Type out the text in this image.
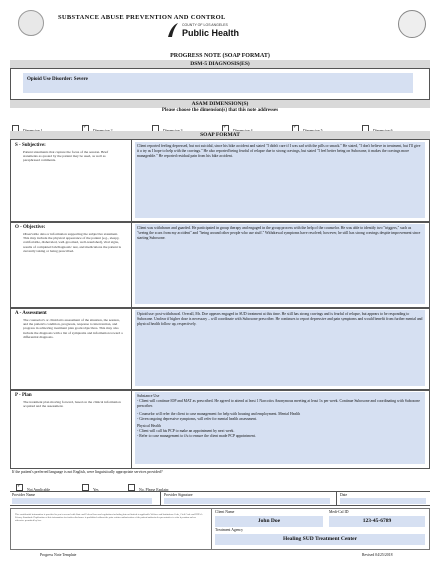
SUBSTANCE ABUSE PREVENTION AND CONTROL
COUNTY OF LOS ANGELES
Public Health
PROGRESS NOTE (SOAP FORMAT)
DSM-5 DIAGNOSIS(ES)
Opioid Use Disorder: Severe
ASAM DIMENSION(S)
Please choose the dimension(s) that this note addresses
✓
✓
✓
SOAP FORMAT
S - Subjective:
Patient statements that capture the focus of the session. Brief statements as quoted by the patient may be used, as well as paraphrased comments.
Client reported feeling depressed, but not suicidal, since his bike accident and stated "I didn't care if I was sad with the pills or smack." He stated, "I don't believe in treatment, but I'll give it a try as I hope to help with the cravings." He also reported being fearful of relapse due to strong cravings, but stated "I feel better being on Suboxone, it makes the cravings more manageable." He reported residual pain from his bike accident.
O - Objective:
Observable data or information supporting the subjective statement. This may include the physical appearance of the patient (e.g., sleepy, comfortable, disheveled, well-groomed, well-nourished), vital signs, results of completed lab/diagnostic test, and medications the patient is currently taking or being prescribed.
Client was withdrawn and guarded. He participated in group therapy and engaged in the group process with the help of the counselor. He was able to identify two "triggers," such as "seeing the scars from my accident" and "being around other people who use stuff." Withdrawal symptoms have resolved; however, he still has strong cravings despite improvement since starting Suboxone.
A - Assessment
The counselor's or clinician's assessment of the situation, the session, and the patient's condition, prognosis, response to intervention, and progress in achieving treatment plan goals/objectives. This may also include the diagnosis with a list of symptoms and information toward a differential diagnosis.
Opioid use: post-withdrawal. Overall, Mr. Doe appears engaged in SUD treatment at this time. He still has strong cravings and is fearful of relapse, but appears to be responding to Suboxone. Unclear if higher dose is necessary – will coordinate with Suboxone prescriber. He continues to report depressive and pain symptoms and would benefit from further mental and physical health follow up, respectively.
P - Plan
The treatment plan moving forward, based on the clinical information acquired and the assessment.
Substance Use
- Client will continue IOP and MAT as prescribed. He agreed to attend at least 1 Narcotics Anonymous meeting at least 1x per week. Continue Suboxone and coordinating with Suboxone prescriber.
- Counselor will refer the client to case management for help with housing and employment. Mental Health
- Given ongoing depressive symptoms, will refer for mental health assessment.
Physical Health
- Client will call his PCP to make an appointment by next week.
- Refer to case management to f/u to ensure the client made PCP appointment.
If the patient's preferred language is not English, were linguistically appropriate services provided?
✓Not Applicable	Yes	No, Please Explain:
Provider Name	Provider Signature	Date
This confidential information is provided to you in accord with State and Federal laws and regulations including but not limited to applicable Welfare and Institutions Code, Civil Code and HIPAA Privacy Standards. Duplication of this information for further disclosure is prohibited without the prior written authorization of the patient/authorized representative to who it pertains unless otherwise permitted by law.
Client Name	Medi-Cal ID
John Doe	123-45-6789
Treatment Agency
Healing SUD Treatment Center
Progress Note Template	Revised 04/25/2018
